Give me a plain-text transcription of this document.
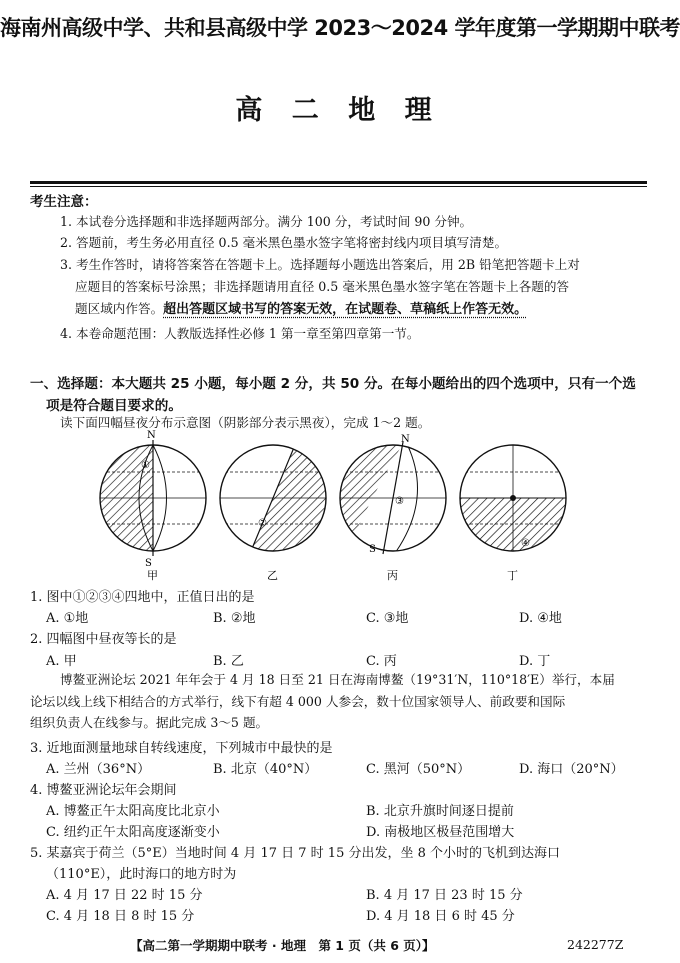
海南州高级中学、共和县高级中学 2023～2024 学年度第一学期期中联考
高 二 地 理
考生注意：
1. 本试卷分选择题和非选择题两部分。满分 100 分，考试时间 90 分钟。
2. 答题前，考生务必用直径 0.5 毫米黑色墨水签字笔将密封线内项目填写清楚。
3. 考生作答时，请将答案答在答题卡上。选择题每小题选出答案后，用 2B 铅笔把答题卡上对
应题目的答案标号涂黑；非选择题请用直径 0.5 毫米黑色墨水签字笔在答题卡上各题的答
题区域内作答。超出答题区域书写的答案无效，在试题卷、草稿纸上作答无效。
4. 本卷命题范围：人教版选择性必修 1 第一章至第四章第一节。
一、选择题：本大题共 25 小题，每小题 2 分，共 50 分。在每小题给出的四个选项中，只有一个选
项是符合题目要求的。
读下面四幅昼夜分布示意图（阴影部分表示黑夜），完成 1～2 题。
N
S
①
②
N
S
③
④
甲	乙	丙	丁
1. 图中①②③④四地中，正值日出的是
A. ①地	B. ②地	C. ③地	D. ④地
2. 四幅图中昼夜等长的是
A. 甲	B. 乙	C. 丙	D. 丁
博鳌亚洲论坛 2021 年年会于 4 月 18 日至 21 日在海南博鳌（19°31′N，110°18′E）举行，本届
论坛以线上线下相结合的方式举行，线下有超 4 000 人参会，数十位国家领导人、前政要和国际
组织负责人在线参与。据此完成 3～5 题。
3. 近地面测量地球自转线速度，下列城市中最快的是
A. 兰州（36°N）	B. 北京（40°N）	C. 黑河（50°N）	D. 海口（20°N）
4. 博鳌亚洲论坛年会期间
A. 博鳌正午太阳高度比北京小	B. 北京升旗时间逐日提前
C. 纽约正午太阳高度逐渐变小	D. 南极地区极昼范围增大
5. 某嘉宾于荷兰（5°E）当地时间 4 月 17 日 7 时 15 分出发，坐 8 个小时的飞机到达海口
（110°E），此时海口的地方时为
A. 4 月 17 日 22 时 15 分	B. 4 月 17 日 23 时 15 分
C. 4 月 18 日 8 时 15 分	D. 4 月 18 日 6 时 45 分
【高二第一学期期中联考 · 地理　第 1 页（共 6 页）】	242277Z
